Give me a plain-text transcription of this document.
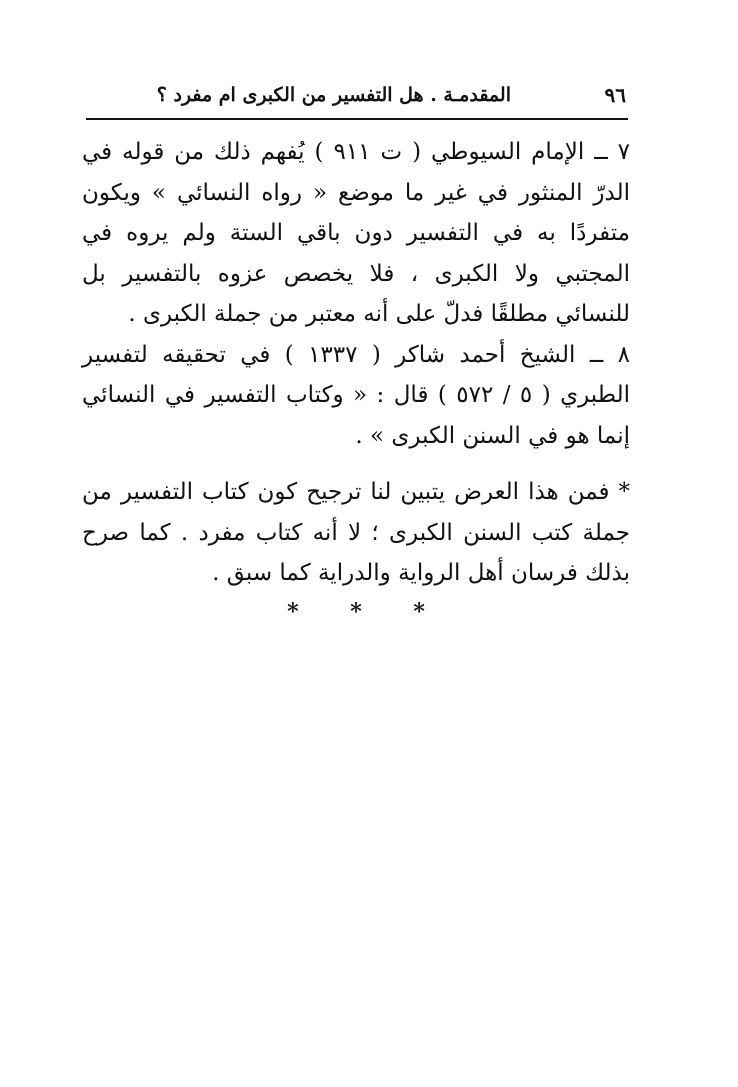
٩٦
المقدمـة . هل التفسير من الكبرى ام مفرد ؟

٧ ــ الإمام السيوطي ( ت ٩١١ ) يُفهم ذلك من قوله في الدرّ المنثور في غير ما موضع « رواه النسائي » ويكون متفردًا به في التفسير دون باقي الستة ولم يروه في المجتبي ولا الكبرى ، فلا يخصص عزوه بالتفسير بل للنسائي مطلقًا فدلّ على أنه معتبر من جملة الكبرى .

٨ ــ الشيخ أحمد شاكر ( ١٣٣٧ ) في تحقيقه لتفسير الطبري ( ٥ / ٥٧٢ ) قال : « وكتاب التفسير في النسائي إنما هو في السنن الكبرى » .

* فمن هذا العرض يتبين لنا ترجيح كون كتاب التفسير من جملة كتب السنن الكبرى ؛ لا أنه كتاب مفرد . كما صرح بذلك فرسان أهل الرواية والدراية كما سبق .

* * *
